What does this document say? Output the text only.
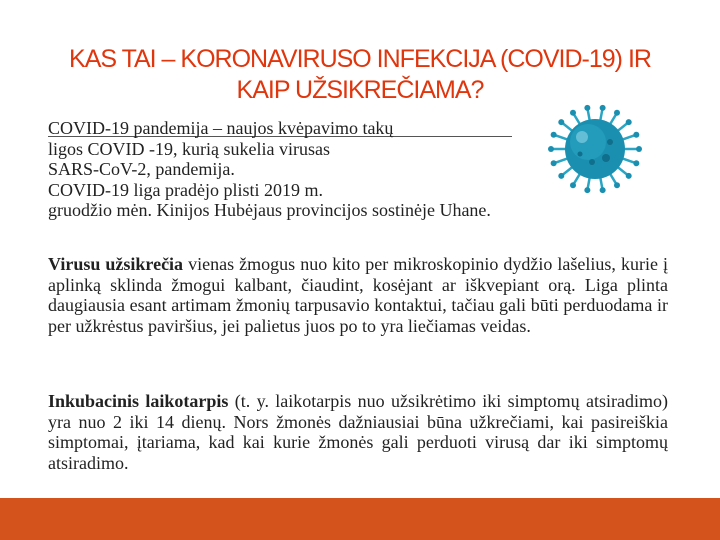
KAS TAI – KORONAVIRUSO INFEKCIJA (COVID-19) IR
KAIP UŽSIKREČIAMA?

COVID-19 pandemija – naujos kvėpavimo takų
ligos COVID -19, kurią sukelia virusas
SARS-CoV-2, pandemija.
COVID-19 liga pradėjo plisti 2019 m.
gruodžio mėn. Kinijos Hubėjaus provincijos sostinėje Uhane.

Virusu užsikrečia vienas žmogus nuo kito per mikroskopinio dydžio lašelius, kurie į aplinką sklinda žmogui kalbant, čiaudint, kosėjant ar iškvepiant orą. Liga plinta daugiausia esant artimam žmonių tarpusavio kontaktui, tačiau gali būti perduodama ir per užkrėstus paviršius, jei palietus juos po to yra liečiamas veidas.

Inkubacinis laikotarpis (t. y. laikotarpis nuo užsikrėtimo iki simptomų atsiradimo) yra nuo 2 iki 14 dienų. Nors žmonės dažniausiai būna užkrečiami, kai pasireiškia simptomai, įtariama, kad kai kurie žmonės gali perduoti virusą dar iki simptomų atsiradimo.
